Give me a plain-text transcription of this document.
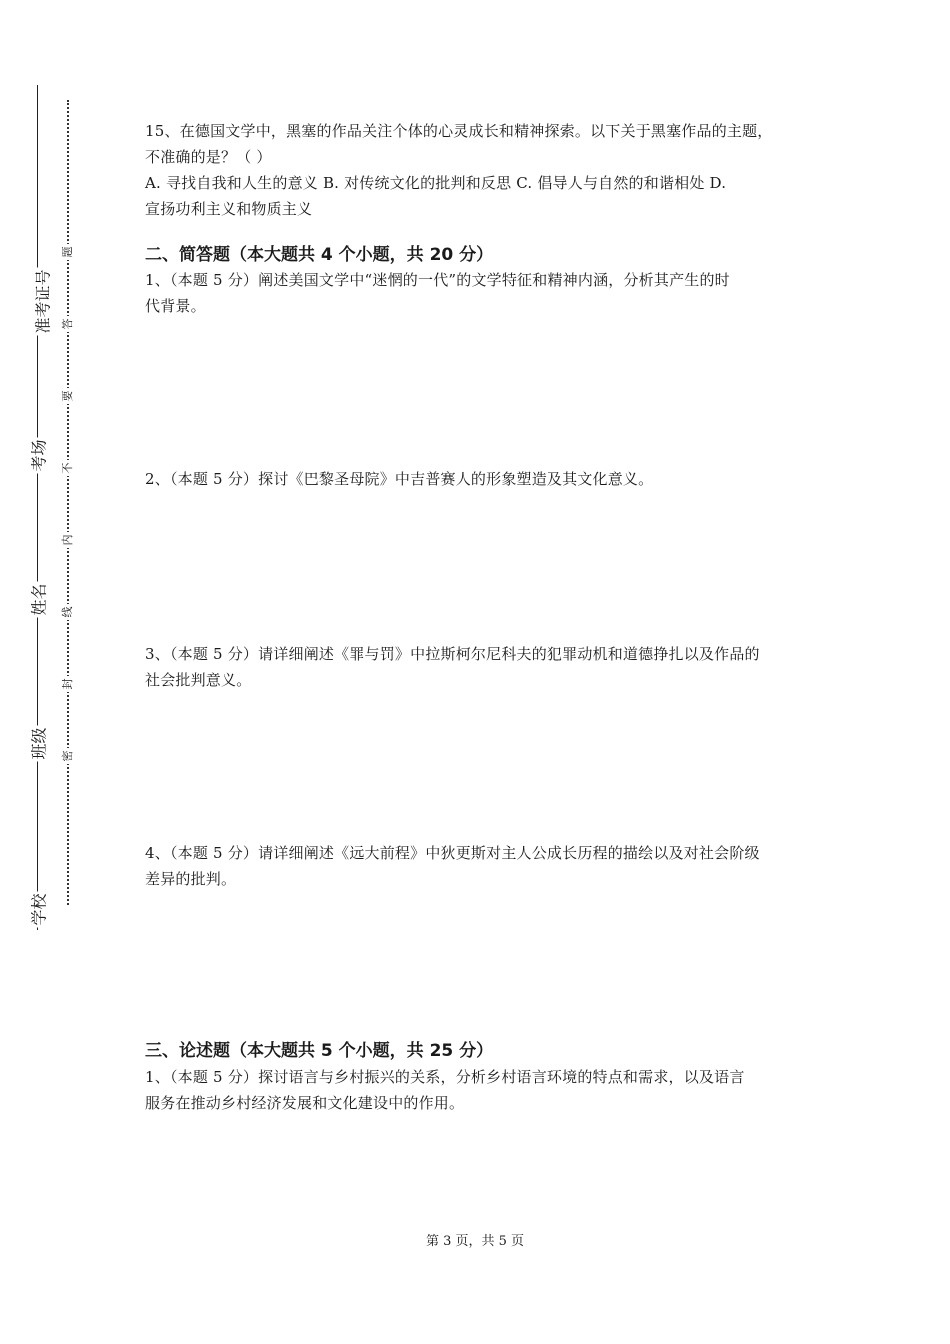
准考证号
考场
姓名
班级
学校
题
答
要
不
内
线
封
密

15、在德国文学中，黑塞的作品关注个体的心灵成长和精神探索。以下关于黑塞作品的主题，

不准确的是？（ ）

A. 寻找自我和人生的意义 B. 对传统文化的批判和反思 C. 倡导人与自然的和谐相处 D.

宣扬功利主义和物质主义

二、简答题（本大题共 4 个小题，共 20 分）

1、（本题 5 分）阐述美国文学中“迷惘的一代”的文学特征和精神内涵，分析其产生的时

代背景。

2、（本题 5 分）探讨《巴黎圣母院》中吉普赛人的形象塑造及其文化意义。

3、（本题 5 分）请详细阐述《罪与罚》中拉斯柯尔尼科夫的犯罪动机和道德挣扎以及作品的

社会批判意义。

4、（本题 5 分）请详细阐述《远大前程》中狄更斯对主人公成长历程的描绘以及对社会阶级

差异的批判。

三、论述题（本大题共 5 个小题，共 25 分）

1、（本题 5 分）探讨语言与乡村振兴的关系，分析乡村语言环境的特点和需求，以及语言

服务在推动乡村经济发展和文化建设中的作用。

第 3 页，共 5 页
